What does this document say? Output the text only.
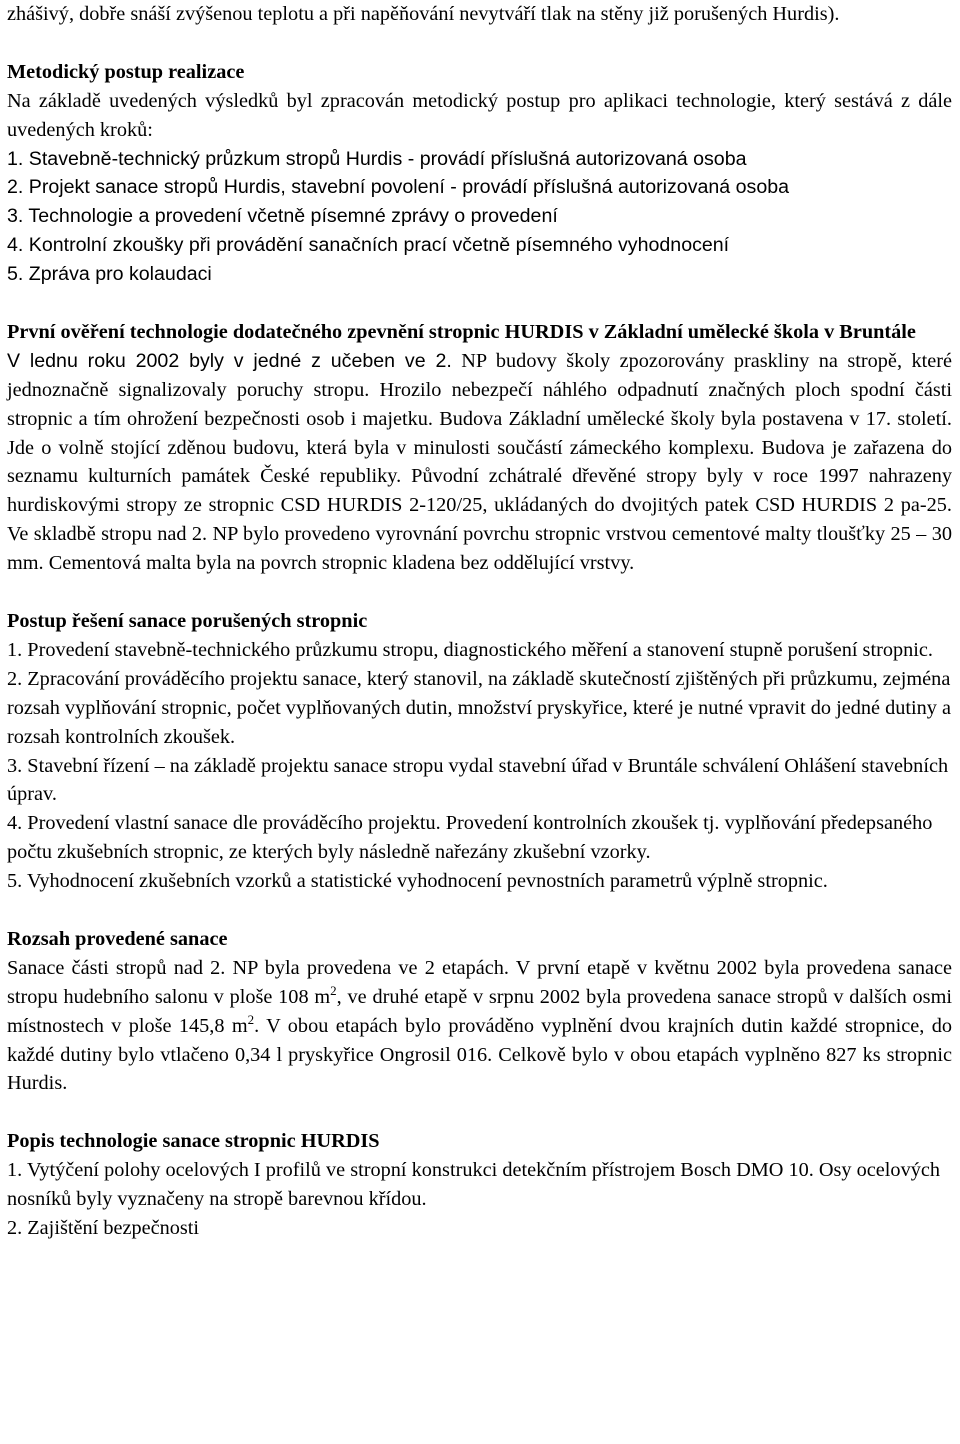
zhášivý, dobře snáší zvýšenou teplotu a při napěňování nevytváří tlak na stěny již porušených Hurdis).
Metodický postup realizace
Na základě uvedených výsledků byl zpracován metodický postup pro aplikaci technologie, který sestává z dále uvedených kroků:
1. Stavebně-technický průzkum stropů Hurdis - provádí příslušná autorizovaná osoba
2. Projekt sanace stropů Hurdis, stavební povolení - provádí příslušná autorizovaná osoba
3. Technologie a provedení včetně písemné zprávy o provedení
4. Kontrolní zkoušky při provádění sanačních prací včetně písemného vyhodnocení
5. Zpráva pro kolaudaci
První ověření technologie dodatečného zpevnění stropnic HURDIS v Základní umělecké škola v Bruntále
V lednu roku 2002 byly v jedné z učeben ve 2. NP budovy školy zpozorovány praskliny na stropě, které jednoznačně signalizovaly poruchy stropu. Hrozilo nebezpečí náhlého odpadnutí značných ploch spodní části stropnic a tím ohrožení bezpečnosti osob i majetku. Budova Základní umělecké školy byla postavena v 17. století. Jde o volně stojící zděnou budovu, která byla v minulosti součástí zámeckého komplexu. Budova je zařazena do seznamu kulturních památek České republiky. Původní zchátralé dřevěné stropy byly v roce 1997 nahrazeny hurdiskovými stropy ze stropnic CSD HURDIS 2-120/25, ukládaných do dvojitých patek CSD HURDIS 2 pa-25. Ve skladbě stropu nad 2. NP bylo provedeno vyrovnání povrchu stropnic vrstvou cementové malty tloušťky 25 – 30 mm. Cementová malta byla na povrch stropnic kladena bez oddělující vrstvy.
Postup řešení sanace porušených stropnic
1. Provedení stavebně-technického průzkumu stropu, diagnostického měření a stanovení stupně porušení stropnic.
2. Zpracování prováděcího projektu sanace, který stanovil, na základě skutečností zjištěných při průzkumu, zejména rozsah vyplňování stropnic, počet vyplňovaných dutin, množství pryskyřice, které je nutné vpravit do jedné dutiny a rozsah kontrolních zkoušek.
3. Stavební řízení – na základě projektu sanace stropu vydal stavební úřad v Bruntále schválení Ohlášení stavebních úprav.
4. Provedení vlastní sanace dle prováděcího projektu. Provedení kontrolních zkoušek tj. vyplňování předepsaného počtu zkušebních stropnic, ze kterých byly následně nařezány zkušební vzorky.
5. Vyhodnocení zkušebních vzorků a statistické vyhodnocení pevnostních parametrů výplně stropnic.
Rozsah provedené sanace
Sanace části stropů nad 2. NP byla provedena ve 2 etapách. V první etapě v květnu 2002 byla provedena sanace stropu hudebního salonu v ploše 108 $m^2$, ve druhé etapě v srpnu 2002 byla provedena sanace stropů v dalších osmi místnostech v ploše 145,8 $m^2$. V obou etapách bylo prováděno vyplnění dvou krajních dutin každé stropnice, do každé dutiny bylo vtlačeno 0,34 l pryskyřice Ongrosil 016. Celkově bylo v obou etapách vyplněno 827 ks stropnic Hurdis.
Popis technologie sanace stropnic HURDIS
1. Vytýčení polohy ocelových I profilů ve stropní konstrukci detekčním přístrojem Bosch DMO 10. Osy ocelových nosníků byly vyznačeny na stropě barevnou křídou.
2. Zajištění bezpečnosti
